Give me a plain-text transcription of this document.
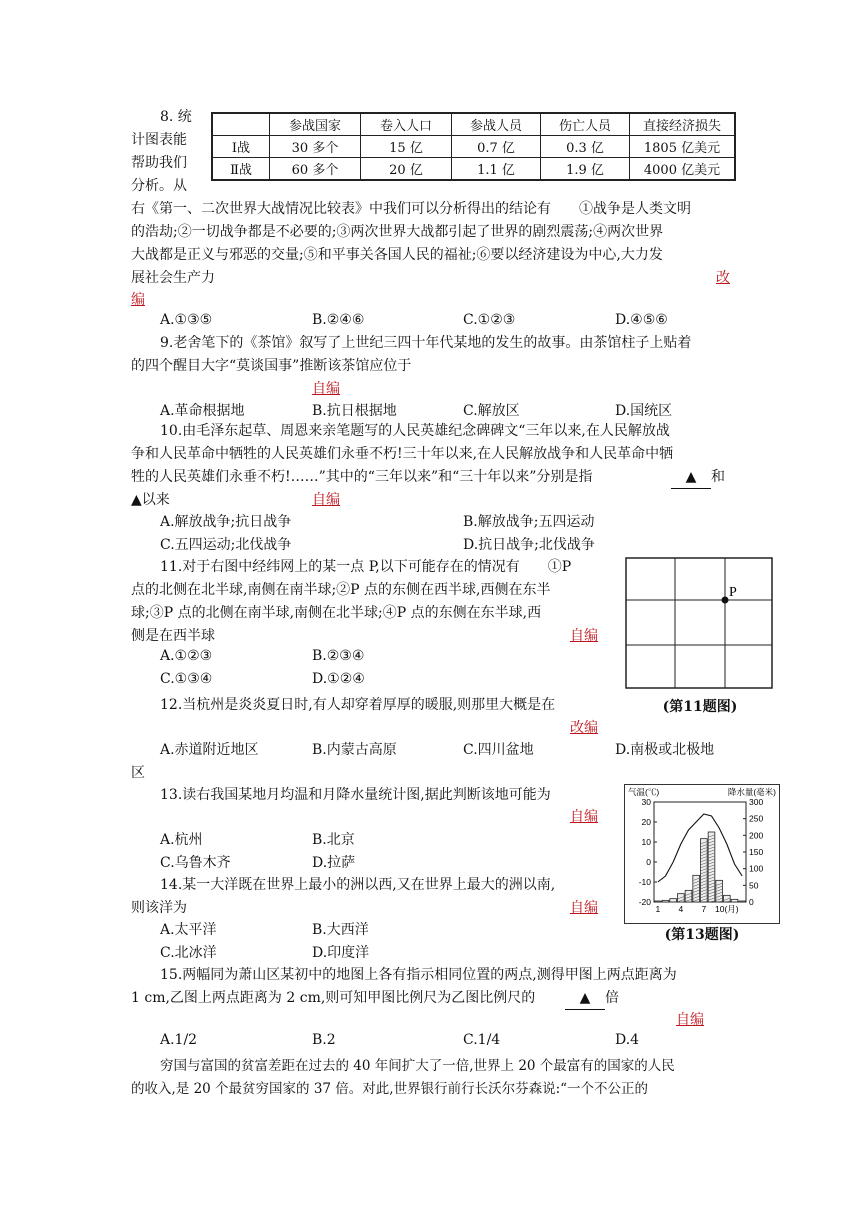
8. 统
计图表能
帮助我们
分析。从
	参战国家	卷入人口	参战人员	伤亡人员	直接经济损失
Ⅰ战	30 多个	15 亿	0.7 亿	0.3 亿	1805 亿美元
Ⅱ战	60 多个	20 亿	1.1 亿	1.9 亿	4000 亿美元
右《第一、二次世界大战情况比较表》中我们可以分析得出的结论有　　①战争是人类文明
的浩劫;②一切战争都是不必要的;③两次世界大战都引起了世界的剧烈震荡;④两次世界
大战都是正义与邪恶的交量;⑤和平事关各国人民的福祉;⑥要以经济建设为中心,大力发
展社会生产力	改
编
A.①③⑤	B.②④⑥	C.①②③	D.④⑤⑥
9.老舍笔下的《茶馆》叙写了上世纪三四十年代某地的发生的故事。由茶馆柱子上贴着
的四个醒目大字“莫谈国事”推断该茶馆应位于
自编
A.革命根据地	B.抗日根据地	C.解放区	D.国统区
10.由毛泽东起草、周恩来亲笔题写的人民英雄纪念碑碑文“三年以来,在人民解放战
争和人民革命中牺牲的人民英雄们永垂不朽!三十年以来,在人民解放战争和人民革命中牺
牲的人民英雄们永垂不朽!……”其中的“三年以来”和“三十年以来”分别是指	▲ 和
▲以来	自编
A.解放战争;抗日战争	B.解放战争;五四运动
C.五四运动;北伐战争	D.抗日战争;北伐战争
11.对于右图中经纬网上的某一点 P,以下可能存在的情况有　　①P
点的北侧在北半球,南侧在南半球;②P 点的东侧在西半球,西侧在东半
球;③P 点的北侧在南半球,南侧在北半球;④P 点的东侧在东半球,西
侧是在西半球	自编
A.①②③	B.②③④
C.①③④	D.①②④
P
(第11题图)
12.当杭州是炎炎夏日时,有人却穿着厚厚的暖服,则那里大概是在
改编
A.赤道附近地区	B.内蒙古高原	C.四川盆地	D.南极或北极地
区
13.读右我国某地月均温和月降水量统计图,据此判断该地可能为
自编
A.杭州	B.北京
C.乌鲁木齐	D.拉萨
气温(℃)	降水量(毫米)
30
20
10
0
-10
-20
300
250
200
150
100
50
0
1 4 7 10(月)
(第13题图)
14.某一大洋既在世界上最小的洲以西,又在世界上最大的洲以南,
则该洋为	自编
A.太平洋	B.大西洋
C.北冰洋	D.印度洋
15.两幅同为萧山区某初中的地图上各有指示相同位置的两点,测得甲图上两点距离为
1 cm,乙图上两点距离为 2 cm,则可知甲图比例尺为乙图比例尺的	▲ 倍
自编
A.1/2	B.2	C.1/4	D.4
穷国与富国的贫富差距在过去的 40 年间扩大了一倍,世界上 20 个最富有的国家的人民
的收入,是 20 个最贫穷国家的 37 倍。对此,世界银行前行长沃尔芬森说:“一个不公正的
